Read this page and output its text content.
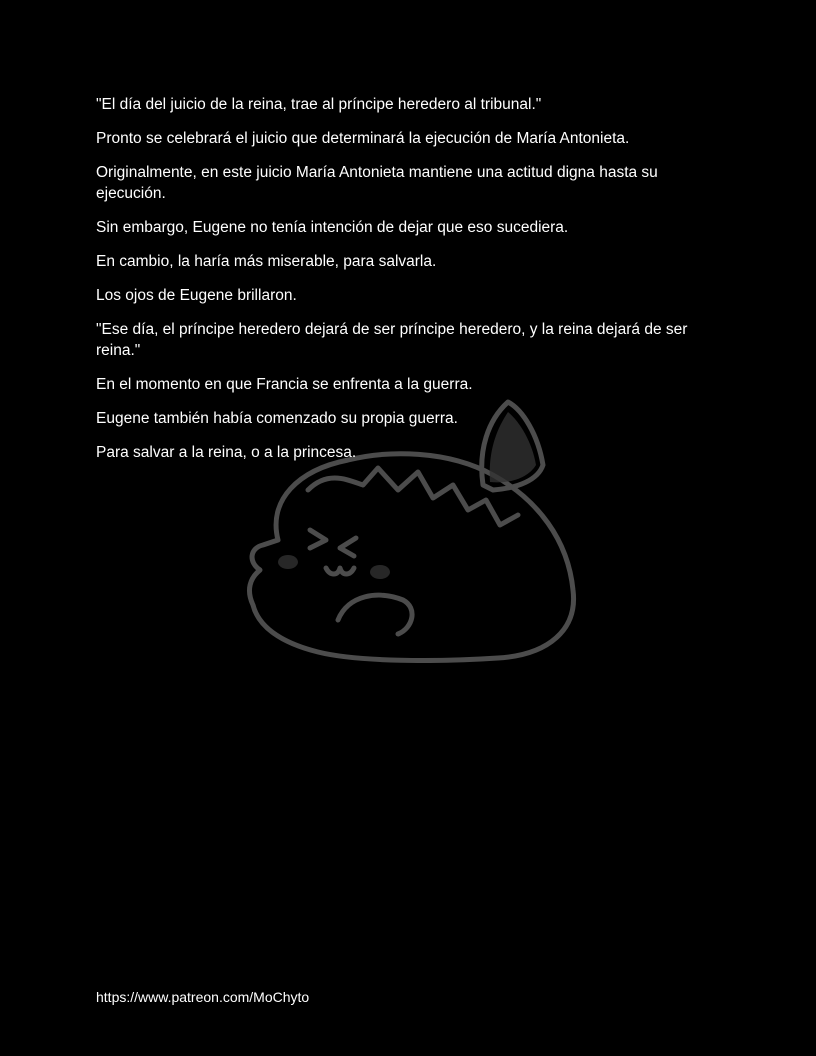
"El día del juicio de la reina, trae al príncipe heredero al tribunal."

Pronto se celebrará el juicio que determinará la ejecución de María Antonieta.

Originalmente, en este juicio María Antonieta mantiene una actitud digna hasta su ejecución.

Sin embargo, Eugene no tenía intención de dejar que eso sucediera.

En cambio, la haría más miserable, para salvarla.

Los ojos de Eugene brillaron.

"Ese día, el príncipe heredero dejará de ser príncipe heredero, y la reina dejará de ser reina."

En el momento en que Francia se enfrenta a la guerra.

Eugene también había comenzado su propia guerra.

Para salvar a la reina, o a la princesa.

https://www.patreon.com/MoChyto
